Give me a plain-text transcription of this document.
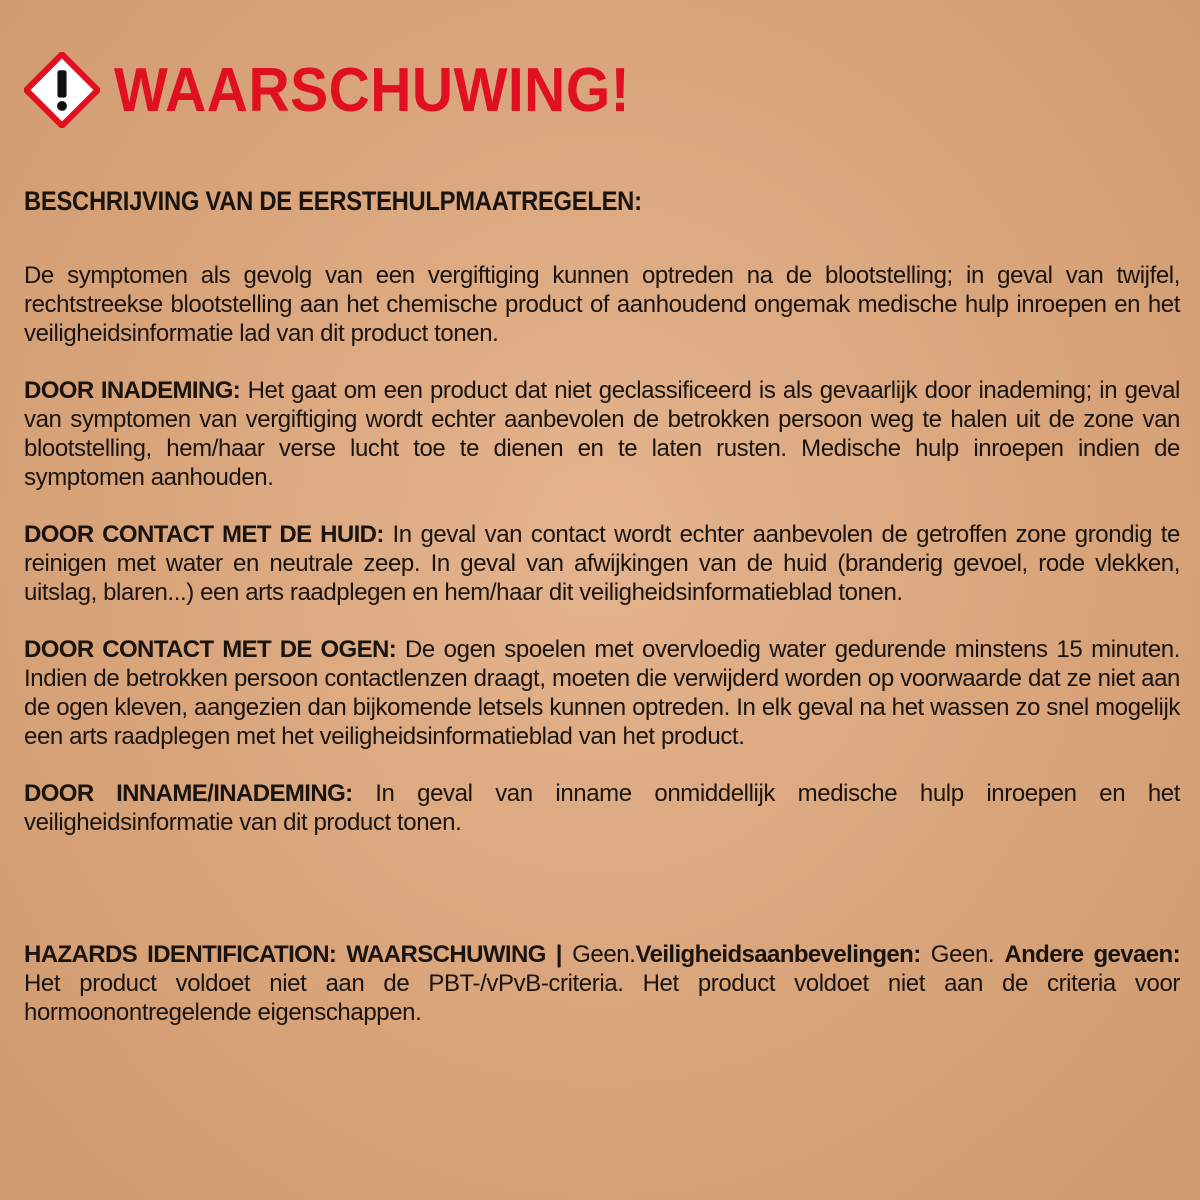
WAARSCHUWING!
BESCHRIJVING VAN DE EERSTEHULPMAATREGELEN:

De symptomen als gevolg van een vergiftiging kunnen optreden na de blootstelling; in geval van twijfel, rechtstreekse blootstelling aan het chemische product of aanhoudend ongemak medische hulp inroepen en het veiligheidsinformatie lad van dit product tonen.

DOOR INADEMING: Het gaat om een product dat niet geclassificeerd is als gevaarlijk door inademing; in geval van symptomen van vergiftiging wordt echter aanbevolen de betrokken persoon weg te halen uit de zone van blootstelling, hem/haar verse lucht toe te dienen en te laten rusten. Medische hulp inroepen indien de symptomen aanhouden.

DOOR CONTACT MET DE HUID: In geval van contact wordt echter aanbevolen de getroffen zone grondig te reinigen met water en neutrale zeep. In geval van afwijkingen van de huid (branderig gevoel, rode vlekken, uitslag, blaren...) een arts raadplegen en hem/haar dit veiligheidsinformatieblad tonen.

DOOR CONTACT MET DE OGEN: De ogen spoelen met overvloedig water gedurende minstens 15 minuten. Indien de betrokken persoon contactlenzen draagt, moeten die verwijderd worden op voorwaarde dat ze niet aan de ogen kleven, aangezien dan bijkomende letsels kunnen optreden. In elk geval na het wassen zo snel mogelijk een arts raadplegen met het veiligheidsinformatieblad van het product.

DOOR INNAME/INADEMING: In geval van inname onmiddellijk medische hulp inroepen en het veiligheidsinformatie van dit product tonen.

HAZARDS IDENTIFICATION: WAARSCHUWING | Geen.Veiligheidsaanbevelingen: Geen. Andere gevaen: Het product voldoet niet aan de PBT-/vPvB-criteria. Het product voldoet niet aan de criteria voor hormoonontregelende eigenschappen.
